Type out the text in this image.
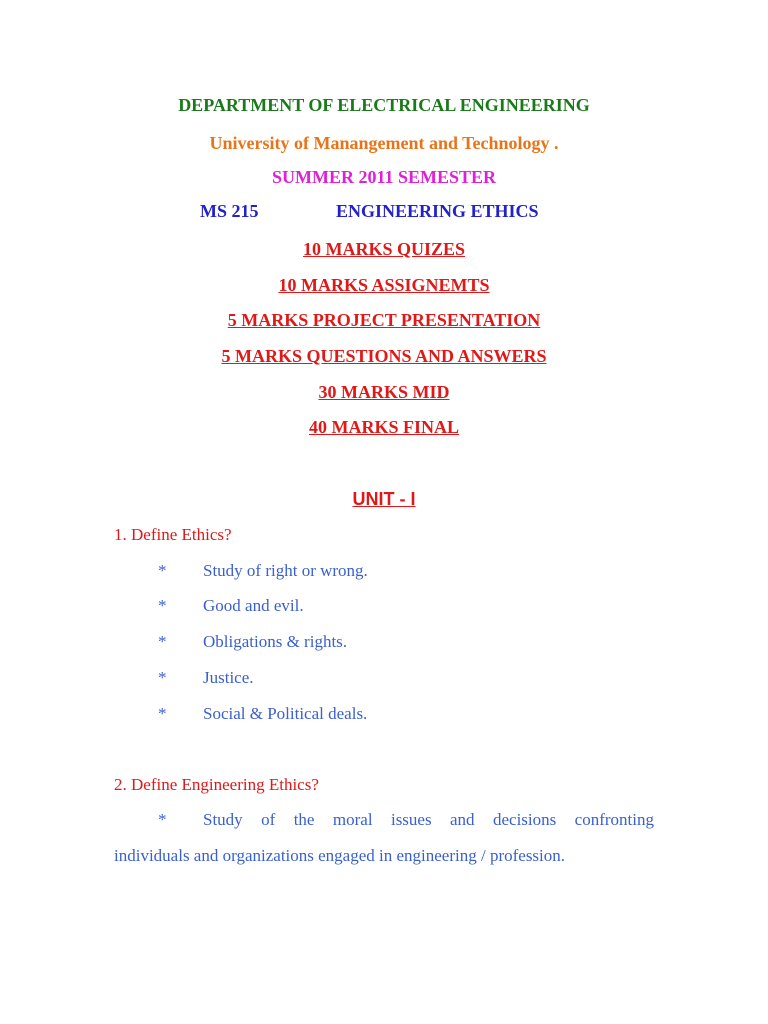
DEPARTMENT OF ELECTRICAL ENGINEERING
University of Manangement and Technology .
SUMMER 2011 SEMESTER
MS 215	ENGINEERING ETHICS
10 MARKS QUIZES
10 MARKS ASSIGNEMTS
5 MARKS PROJECT PRESENTATION
5 MARKS QUESTIONS AND ANSWERS
30 MARKS MID
40 MARKS FINAL
UNIT - I
1. Define Ethics?
* Study of right or wrong.
* Good and evil.
* Obligations & rights.
* Justice.
* Social & Political deals.
2. Define Engineering Ethics?
* Study of the moral issues and decisions confronting
individuals and organizations engaged in engineering / profession.
